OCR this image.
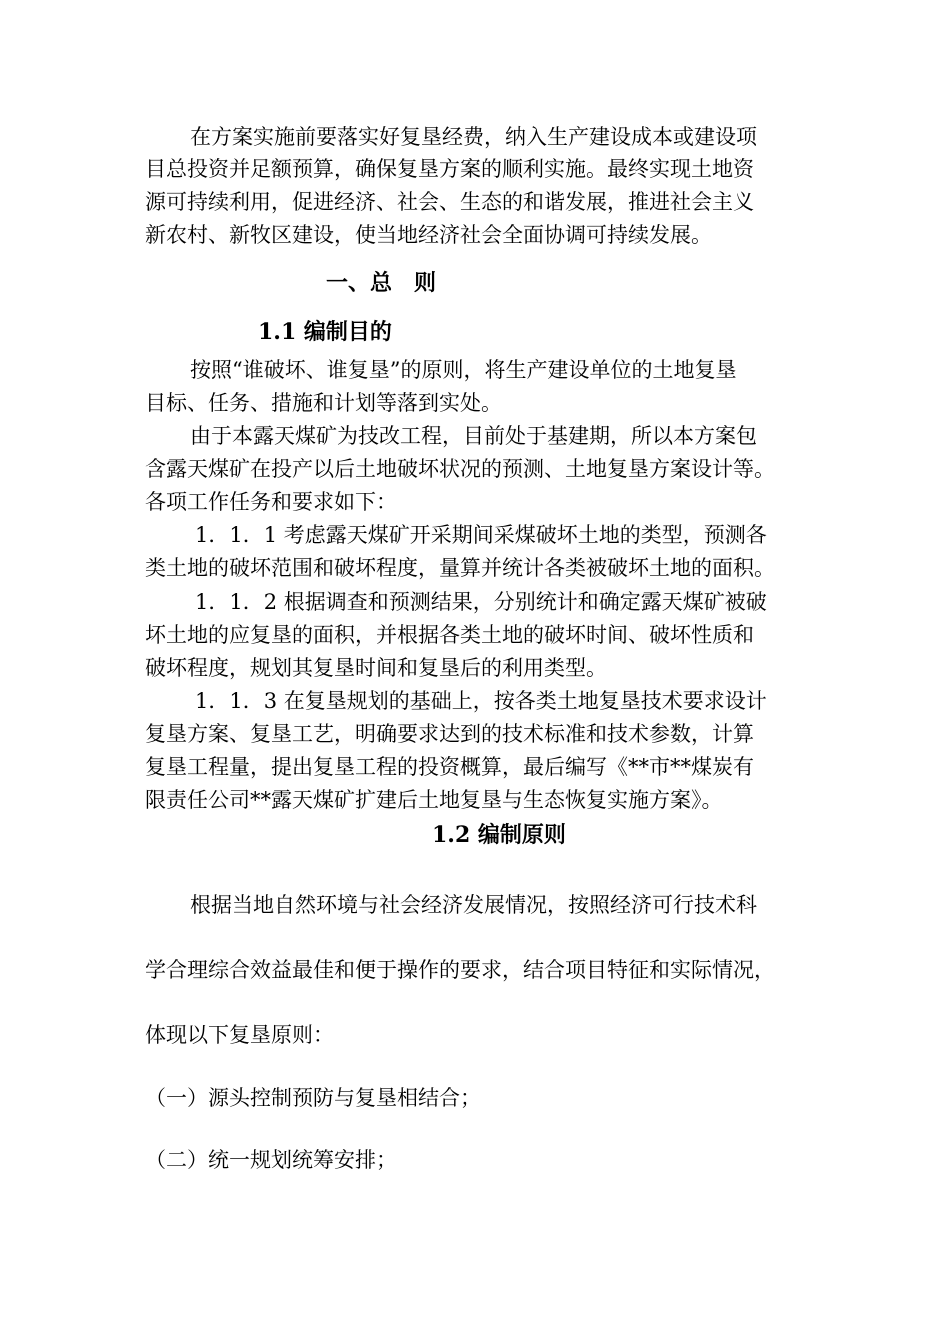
在方案实施前要落实好复垦经费，纳入生产建设成本或建设项
目总投资并足额预算，确保复垦方案的顺利实施。最终实现土地资
源可持续利用，促进经济、社会、生态的和谐发展，推进社会主义
新农村、新牧区建设，使当地经济社会全面协调可持续发展。
一、总　则
1.1 编制目的
按照“谁破坏、谁复垦”的原则，将生产建设单位的土地复垦
目标、任务、措施和计划等落到实处。
由于本露天煤矿为技改工程，目前处于基建期，所以本方案包
含露天煤矿在投产以后土地破坏状况的预测、土地复垦方案设计等。
各项工作任务和要求如下：
1．1．1 考虑露天煤矿开采期间采煤破坏土地的类型，预测各
类土地的破坏范围和破坏程度，量算并统计各类被破坏土地的面积。
1．1．2 根据调查和预测结果，分别统计和确定露天煤矿被破
坏土地的应复垦的面积，并根据各类土地的破坏时间、破坏性质和
破坏程度，规划其复垦时间和复垦后的利用类型。
1．1．3 在复垦规划的基础上，按各类土地复垦技术要求设计
复垦方案、复垦工艺，明确要求达到的技术标准和技术参数，计算
复垦工程量，提出复垦工程的投资概算，最后编写《**市**煤炭有
限责任公司**露天煤矿扩建后土地复垦与生态恢复实施方案》。
1.2 编制原则
根据当地自然环境与社会经济发展情况，按照经济可行技术科
学合理综合效益最佳和便于操作的要求，结合项目特征和实际情况，
体现以下复垦原则：
（一）源头控制预防与复垦相结合；
（二）统一规划统筹安排；
